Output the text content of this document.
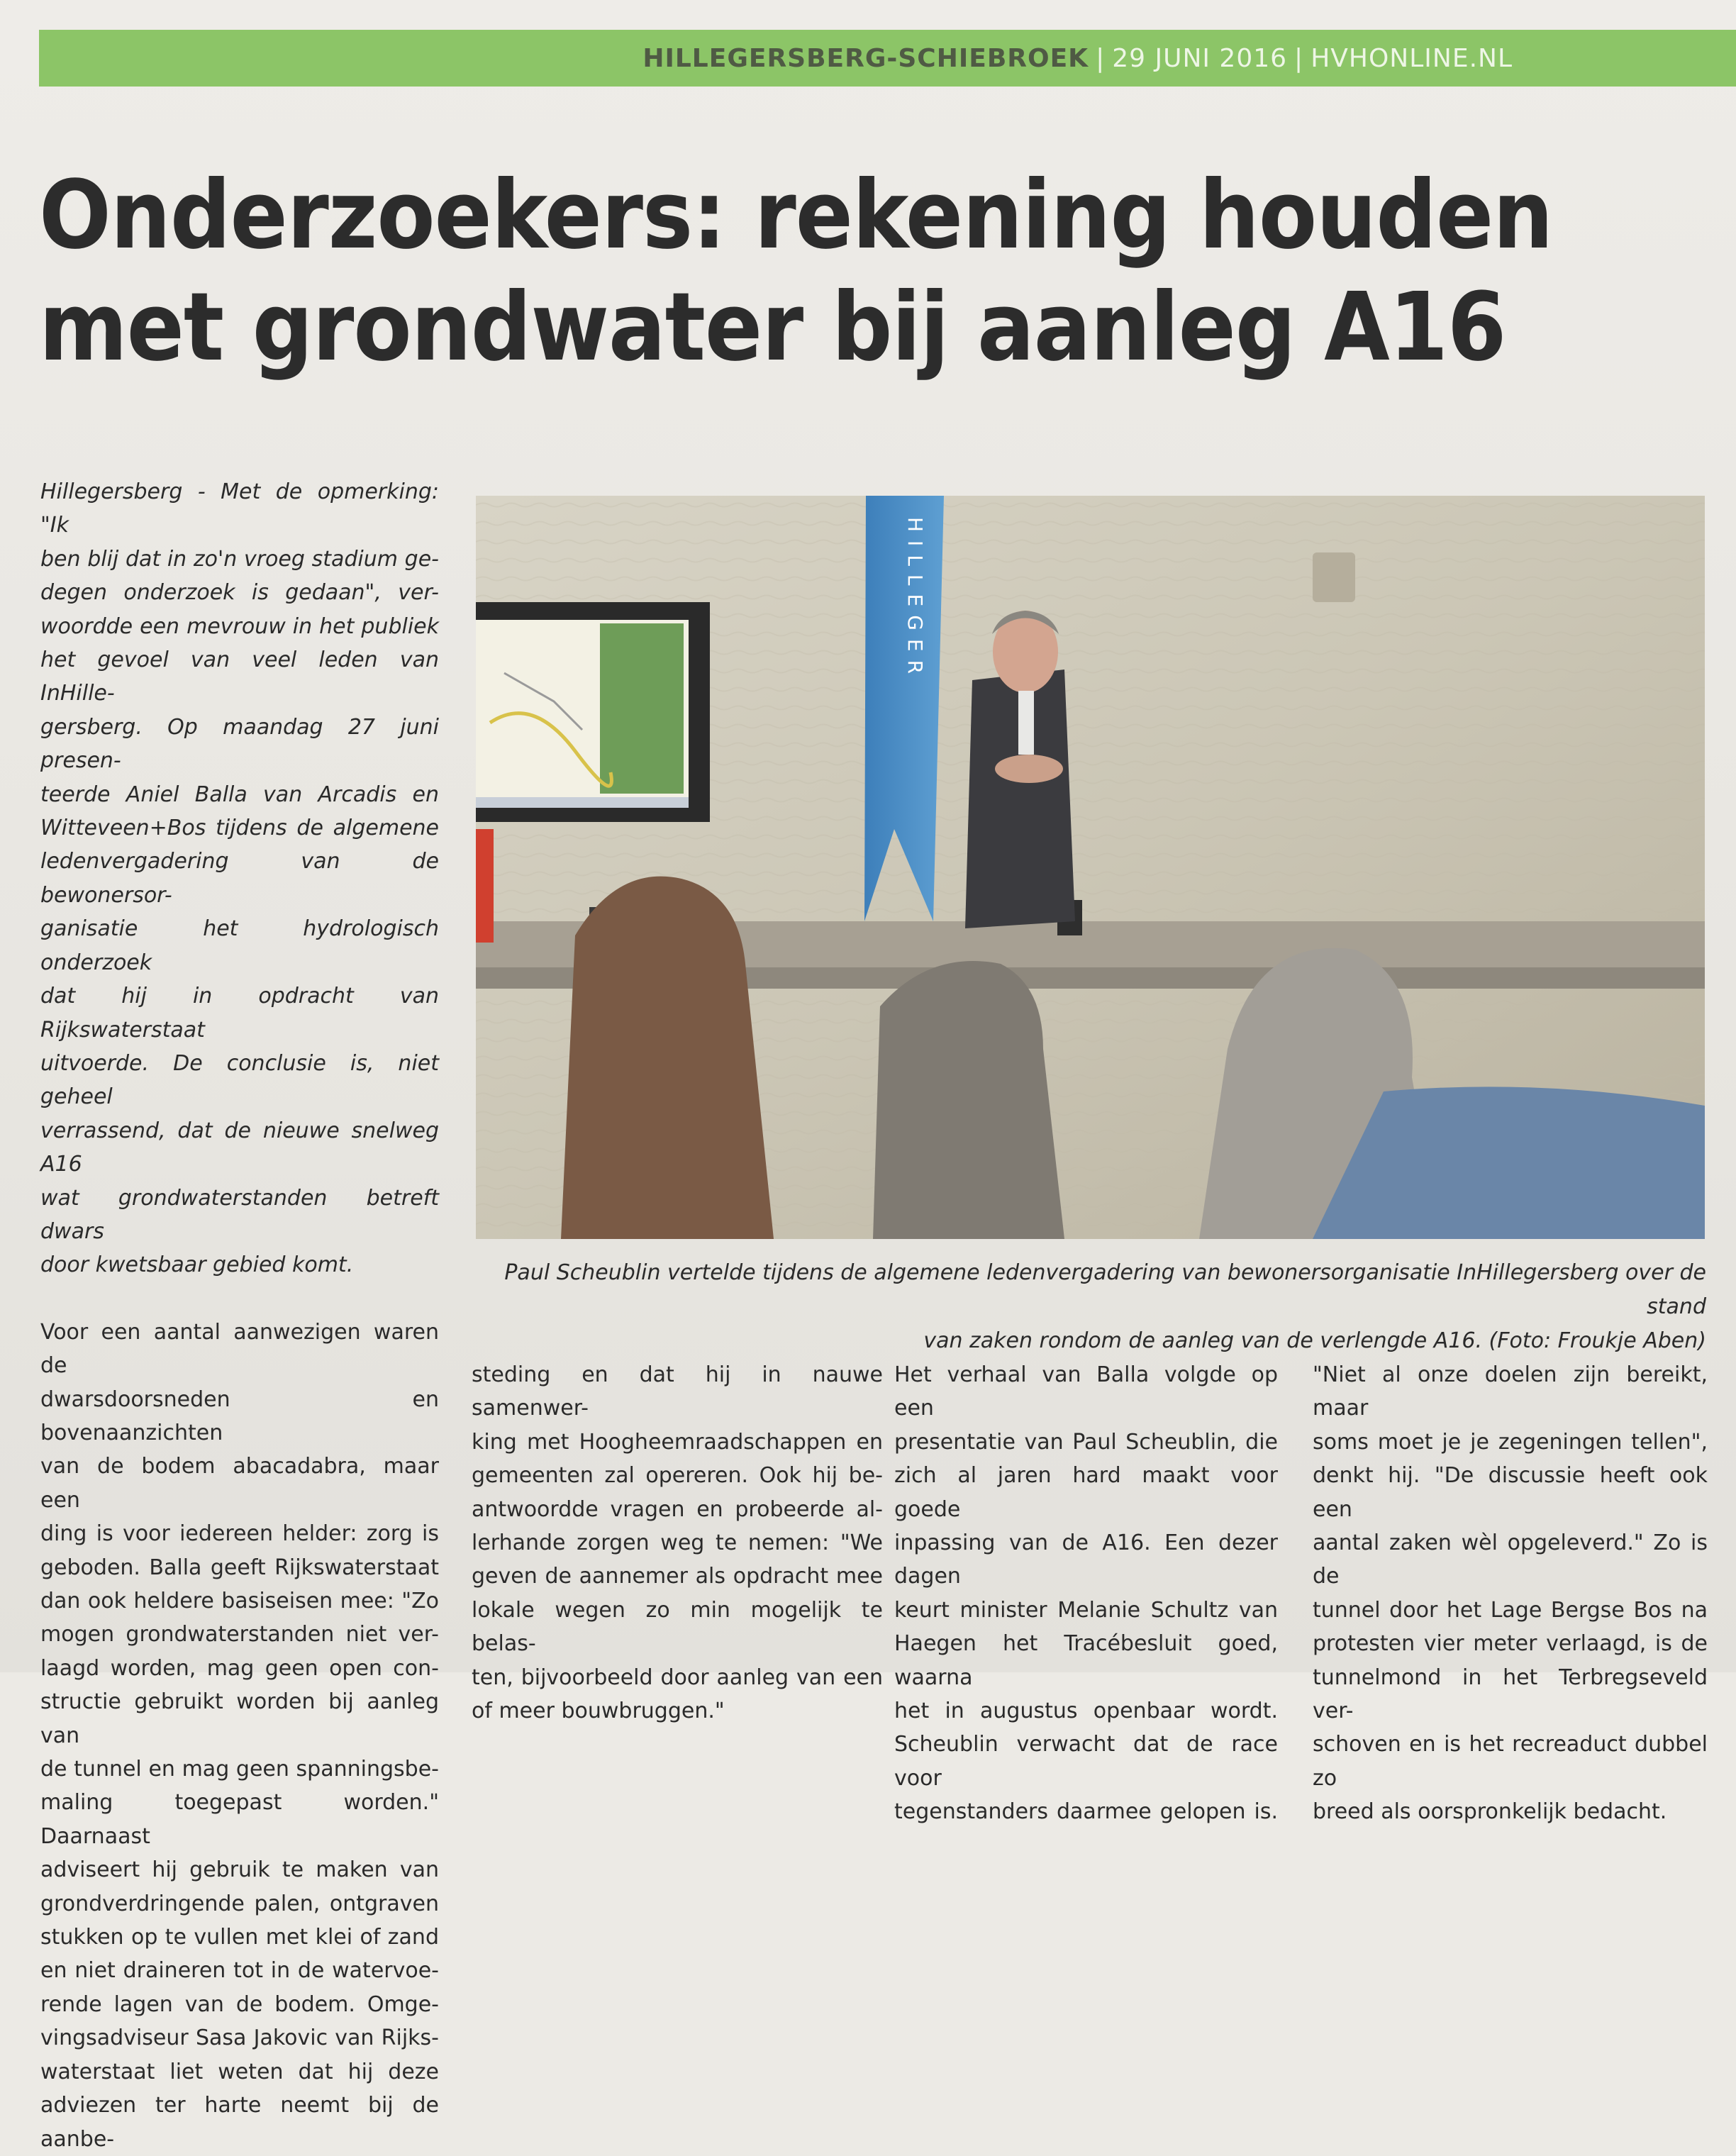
HILLEGERSBERG-SCHIEBROEK | 29 JUNI 2016 | HVHONLINE.NL
Onderzoekers: rekening houden
met grondwater bij aanleg A16

Hillegersberg - Met de opmerking: "Ik

ben blij dat in zo'n vroeg stadium ge-

degen onderzoek is gedaan", ver-

woordde een mevrouw in het publiek

het gevoel van veel leden van InHille-

gersberg. Op maandag 27 juni presen-

teerde Aniel Balla van Arcadis en

Witteveen+Bos tijdens de algemene

ledenvergadering van de bewonersor-

ganisatie het hydrologisch onderzoek

dat hij in opdracht van Rijkswaterstaat

uitvoerde. De conclusie is, niet geheel

verrassend, dat de nieuwe snelweg A16

wat grondwaterstanden betreft dwars

door kwetsbaar gebied komt.

Voor een aantal aanwezigen waren de

dwarsdoorsneden en bovenaanzichten

van de bodem abacadabra, maar een

ding is voor iedereen helder: zorg is

geboden. Balla geeft Rijkswaterstaat

dan ook heldere basiseisen mee: "Zo

mogen grondwaterstanden niet ver-

laagd worden, mag geen open con-

structie gebruikt worden bij aanleg van

de tunnel en mag geen spanningsbe-

maling toegepast worden." Daarnaast

adviseert hij gebruik te maken van

grondverdringende palen, ontgraven

stukken op te vullen met klei of zand

en niet draineren tot in de watervoe-

rende lagen van de bodem. Omge-

vingsadviseur Sasa Jakovic van Rijks-

waterstaat liet weten dat hij deze

adviezen ter harte neemt bij de aanbe-

HILLEGER
Paul Scheublin vertelde tijdens de algemene ledenvergadering van bewonersorganisatie InHillegersberg over de stand
van zaken rondom de aanleg van de verlengde A16. (Foto: Froukje Aben)

steding en dat hij in nauwe samenwer-

king met Hoogheemraadschappen en

gemeenten zal opereren. Ook hij be-

antwoordde vragen en probeerde al-

lerhande zorgen weg te nemen: "We

geven de aannemer als opdracht mee

lokale wegen zo min mogelijk te belas-

ten, bijvoorbeeld door aanleg van een

of meer bouwbruggen."

Het verhaal van Balla volgde op een

presentatie van Paul Scheublin, die

zich al jaren hard maakt voor goede

inpassing van de A16. Een dezer dagen

keurt minister Melanie Schultz van

Haegen het Tracébesluit goed, waarna

het in augustus openbaar wordt.

Scheublin verwacht dat de race voor

tegenstanders daarmee gelopen is.

"Niet al onze doelen zijn bereikt, maar

soms moet je je zegeningen tellen",

denkt hij. "De discussie heeft ook een

aantal zaken wèl opgeleverd." Zo is de

tunnel door het Lage Bergse Bos na

protesten vier meter verlaagd, is de

tunnelmond in het Terbregseveld ver-

schoven en is het recreaduct dubbel zo

breed als oorspronkelijk bedacht.
